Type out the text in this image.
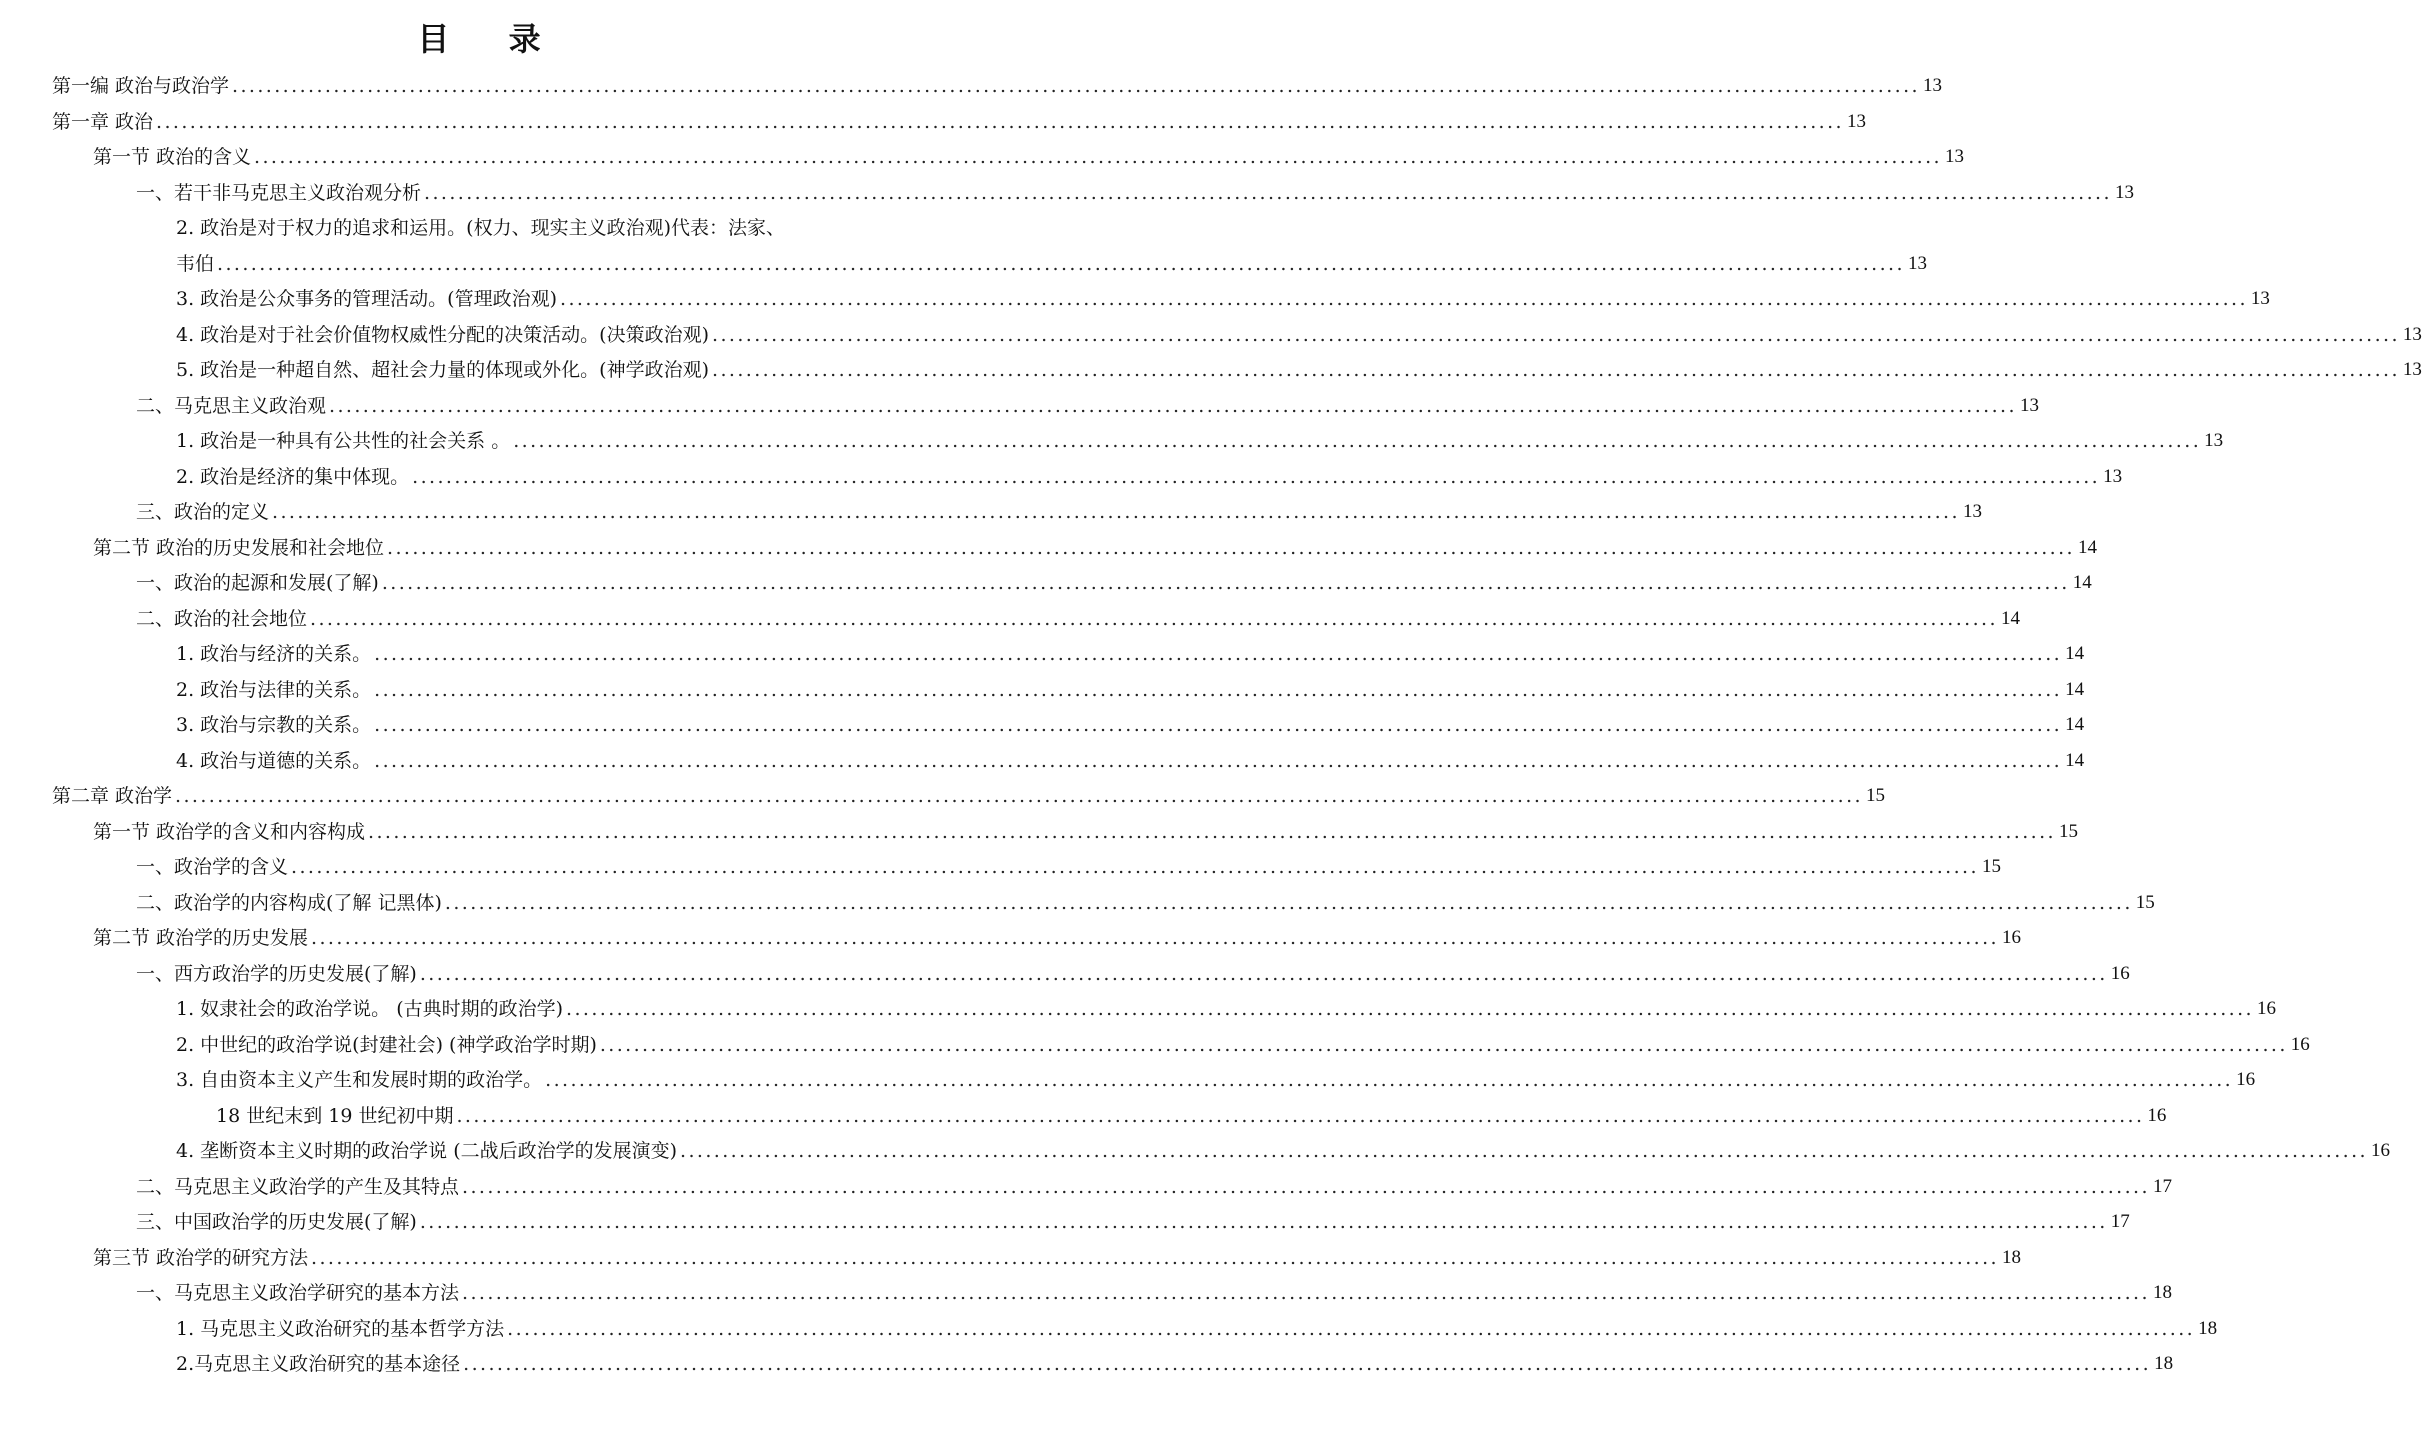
目 录
第一编 政治与政治学 ........................................................................................................................................................................................................ 13
第一章 政治 ........................................................................................................................................................................................................ 13
第一节 政治的含义 ........................................................................................................................................................................................................ 13
一、若干非马克思主义政治观分析 ........................................................................................................................................................................................................ 13
2. 政治是对于权力的追求和运用。(权力、现实主义政治观)代表：法家、
韦伯 ........................................................................................................................................................................................................ 13
3. 政治是公众事务的管理活动。(管理政治观) ........................................................................................................................................................................................................ 13
4. 政治是对于社会价值物权威性分配的决策活动。(决策政治观) ........................................................................................................................................................................................................ 13
5. 政治是一种超自然、超社会力量的体现或外化。(神学政治观) ........................................................................................................................................................................................................ 13
二、马克思主义政治观 ........................................................................................................................................................................................................ 13
1. 政治是一种具有公共性的社会关系 。 ........................................................................................................................................................................................................ 13
2. 政治是经济的集中体现。 ........................................................................................................................................................................................................ 13
三、政治的定义 ........................................................................................................................................................................................................ 13
第二节 政治的历史发展和社会地位 ........................................................................................................................................................................................................ 14
一、政治的起源和发展(了解) ........................................................................................................................................................................................................ 14
二、政治的社会地位 ........................................................................................................................................................................................................ 14
1. 政治与经济的关系。 ........................................................................................................................................................................................................ 14
2. 政治与法律的关系。 ........................................................................................................................................................................................................ 14
3. 政治与宗教的关系。 ........................................................................................................................................................................................................ 14
4. 政治与道德的关系。 ........................................................................................................................................................................................................ 14
第二章 政治学 ........................................................................................................................................................................................................ 15
第一节 政治学的含义和内容构成 ........................................................................................................................................................................................................ 15
一、政治学的含义 ........................................................................................................................................................................................................ 15
二、政治学的内容构成(了解 记黑体) ........................................................................................................................................................................................................ 15
第二节 政治学的历史发展 ........................................................................................................................................................................................................ 16
一、西方政治学的历史发展(了解) ........................................................................................................................................................................................................ 16
1. 奴隶社会的政治学说。 (古典时期的政治学) ........................................................................................................................................................................................................ 16
2. 中世纪的政治学说(封建社会) (神学政治学时期) ........................................................................................................................................................................................................ 16
3. 自由资本主义产生和发展时期的政治学。 ........................................................................................................................................................................................................ 16
18 世纪末到 19 世纪初中期 ........................................................................................................................................................................................................ 16
4. 垄断资本主义时期的政治学说 (二战后政治学的发展演变) ........................................................................................................................................................................................................ 16
二、马克思主义政治学的产生及其特点 ........................................................................................................................................................................................................ 17
三、中国政治学的历史发展(了解) ........................................................................................................................................................................................................ 17
第三节 政治学的研究方法 ........................................................................................................................................................................................................ 18
一、马克思主义政治学研究的基本方法 ........................................................................................................................................................................................................ 18
1. 马克思主义政治研究的基本哲学方法 ........................................................................................................................................................................................................ 18
2.马克思主义政治研究的基本途径 ........................................................................................................................................................................................................ 18
